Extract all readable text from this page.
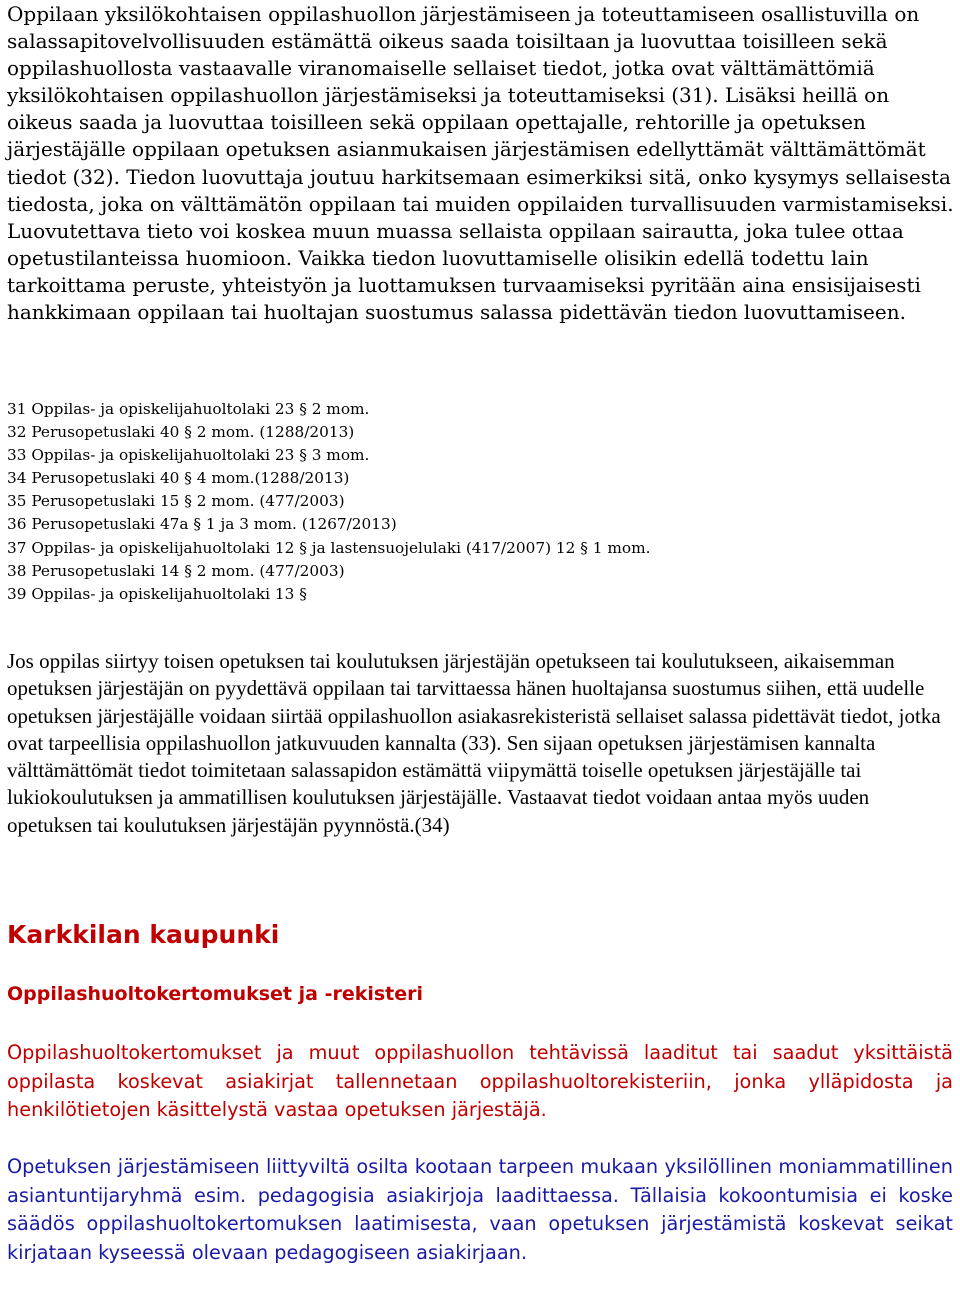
Oppilaan yksilökohtaisen oppilashuollon järjestämiseen ja toteuttamiseen osallistuvilla on salassapitovelvollisuuden estämättä oikeus saada toisiltaan ja luovuttaa toisilleen sekä oppilashuollosta vastaavalle viranomaiselle sellaiset tiedot, jotka ovat välttämättömiä yksilökohtaisen oppilashuollon järjestämiseksi ja toteuttamiseksi (31). Lisäksi heillä on oikeus saada ja luovuttaa toisilleen sekä oppilaan opettajalle, rehtorille ja opetuksen järjestäjälle oppilaan opetuksen asianmukaisen järjestämisen edellyttämät välttämättömät tiedot (32). Tiedon luovuttaja joutuu harkitsemaan esimerkiksi sitä, onko kysymys sellaisesta tiedosta, joka on välttämätön oppilaan tai muiden oppilaiden turvallisuuden varmistamiseksi. Luovutettava tieto voi koskea muun muassa sellaista oppilaan sairautta, joka tulee ottaa opetustilanteissa huomioon. Vaikka tiedon luovuttamiselle olisikin edellä todettu lain tarkoittama peruste, yhteistyön ja luottamuksen turvaamiseksi pyritään aina ensisijaisesti hankkimaan oppilaan tai huoltajan suostumus salassa pidettävän tiedon luovuttamiseen.

31 Oppilas- ja opiskelijahuoltolaki 23 § 2 mom.
32 Perusopetuslaki 40 § 2 mom. (1288/2013)
33 Oppilas- ja opiskelijahuoltolaki 23 § 3 mom.
34 Perusopetuslaki 40 § 4 mom.(1288/2013)
35 Perusopetuslaki 15 § 2 mom. (477/2003)
36 Perusopetuslaki 47a § 1 ja 3 mom. (1267/2013)
37 Oppilas- ja opiskelijahuoltolaki 12 § ja lastensuojelulaki (417/2007) 12 § 1 mom.
38 Perusopetuslaki 14 § 2 mom. (477/2003)
39 Oppilas- ja opiskelijahuoltolaki 13 §

Jos oppilas siirtyy toisen opetuksen tai koulutuksen järjestäjän opetukseen tai koulutukseen, aikaisemman opetuksen järjestäjän on pyydettävä oppilaan tai tarvittaessa hänen huoltajansa suostumus siihen, että uudelle opetuksen järjestäjälle voidaan siirtää oppilashuollon asiakasrekisteristä sellaiset salassa pidettävät tiedot, jotka ovat tarpeellisia oppilashuollon jatkuvuuden kannalta (33). Sen sijaan opetuksen järjestämisen kannalta välttämättömät tiedot toimitetaan salassapidon estämättä viipymättä toiselle opetuksen järjestäjälle tai lukiokoulutuksen ja ammatillisen koulutuksen järjestäjälle. Vastaavat tiedot voidaan antaa myös uuden opetuksen tai koulutuksen järjestäjän pyynnöstä.(34)

Karkkilan kaupunki
Oppilashuoltokertomukset ja -rekisteri

Oppilashuoltokertomukset ja muut oppilashuollon tehtävissä laaditut tai saadut yksittäistä oppilasta koskevat asiakirjat tallennetaan oppilashuoltorekisteriin, jonka ylläpidosta ja henkilötietojen käsittelystä vastaa opetuksen järjestäjä.

Opetuksen järjestämiseen liittyviltä osilta kootaan tarpeen mukaan yksilöllinen moniammatillinen asiantuntijaryhmä esim. pedagogisia asiakirjoja laadittaessa. Tällaisia kokoontumisia ei koske säädös oppilashuoltokertomuksen laatimisesta, vaan opetuksen järjestämistä koskevat seikat kirjataan kyseessä olevaan pedagogiseen asiakirjaan.
